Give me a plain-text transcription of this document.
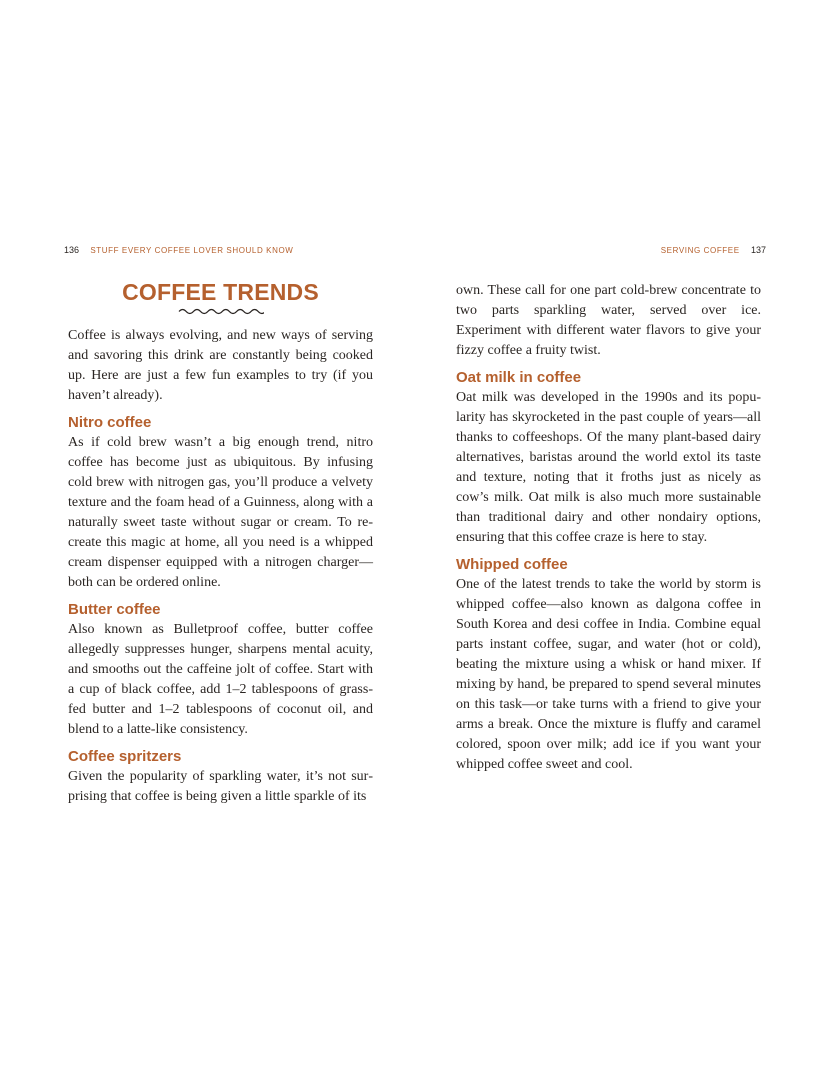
136 STUFF EVERY COFFEE LOVER SHOULD KNOW	SERVING COFFEE 137
COFFEE TRENDS

Coffee is always evolving, and new ways of serving and savoring this drink are constantly being cooked up. Here are just a few fun examples to try (if you haven’t already).

Nitro coffee

As if cold brew wasn’t a big enough trend, nitro coffee has become just as ubiquitous. By infusing cold brew with nitrogen gas, you’ll produce a velvety texture and the foam head of a Guinness, along with a naturally sweet taste without sugar or cream. To re-create this magic at home, all you need is a whipped cream dispenser equipped with a nitrogen charger—both can be ordered online.

Butter coffee

Also known as Bulletproof coffee, butter coffee allegedly suppresses hunger, sharpens mental acuity, and smooths out the caffeine jolt of coffee. Start with a cup of black coffee, add 1–2 tablespoons of grass-fed butter and 1–2 tablespoons of coconut oil, and blend to a latte-like consistency.

Coffee spritzers

Given the popularity of sparkling water, it’s not surprising that coffee is being given a little sparkle of its

own. These call for one part cold-brew concentrate to two parts sparkling water, served over ice. Experiment with different water flavors to give your fizzy coffee a fruity twist.

Oat milk in coffee

Oat milk was developed in the 1990s and its popularity has skyrocketed in the past couple of years—all thanks to coffeeshops. Of the many plant-based dairy alternatives, baristas around the world extol its taste and texture, noting that it froths just as nicely as cow’s milk. Oat milk is also much more sustainable than traditional dairy and other nondairy options, ensuring that this coffee craze is here to stay.

Whipped coffee

One of the latest trends to take the world by storm is whipped coffee—also known as dalgona coffee in South Korea and desi coffee in India. Combine equal parts instant coffee, sugar, and water (hot or cold), beating the mixture using a whisk or hand mixer. If mixing by hand, be prepared to spend several minutes on this task—or take turns with a friend to give your arms a break. Once the mixture is fluffy and caramel colored, spoon over milk; add ice if you want your whipped coffee sweet and cool.
